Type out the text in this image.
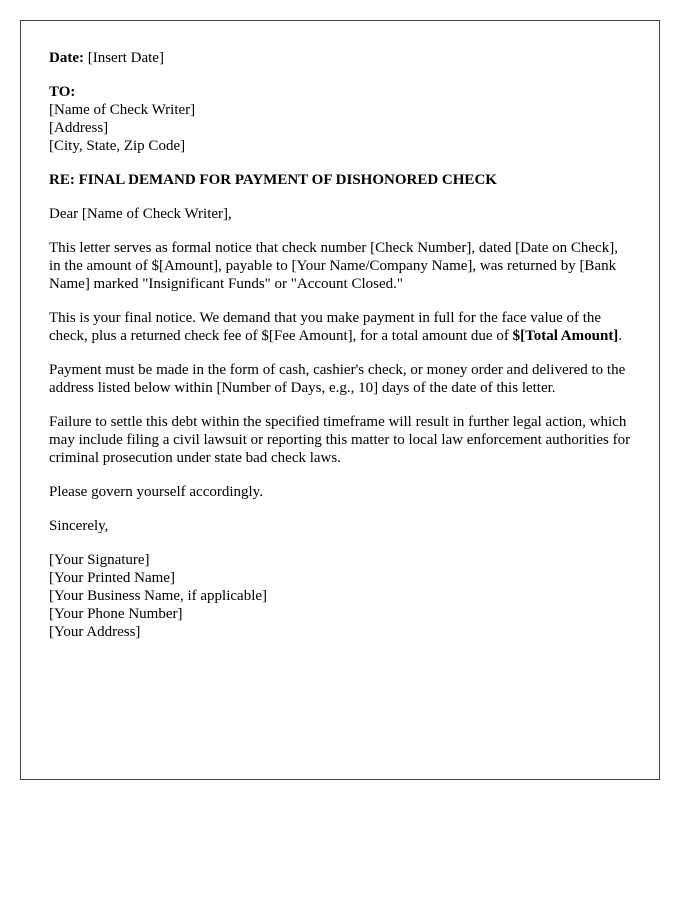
Date: [Insert Date]
TO:
[Name of Check Writer]
[Address]
[City, State, Zip Code]

RE: FINAL DEMAND FOR PAYMENT OF DISHONORED CHECK

Dear [Name of Check Writer],

This letter serves as formal notice that check number [Check Number], dated [Date on Check], in the amount of $[Amount], payable to [Your Name/Company Name], was returned by [Bank Name] marked "Insignificant Funds" or "Account Closed."

This is your final notice. We demand that you make payment in full for the face value of the check, plus a returned check fee of $[Fee Amount], for a total amount due of $[Total Amount].

Payment must be made in the form of cash, cashier's check, or money order and delivered to the address listed below within [Number of Days, e.g., 10] days of the date of this letter.

Failure to settle this debt within the specified timeframe will result in further legal action, which may include filing a civil lawsuit or reporting this matter to local law enforcement authorities for criminal prosecution under state bad check laws.

Please govern yourself accordingly.

Sincerely,

[Your Signature]
[Your Printed Name]
[Your Business Name, if applicable]
[Your Phone Number]
[Your Address]
